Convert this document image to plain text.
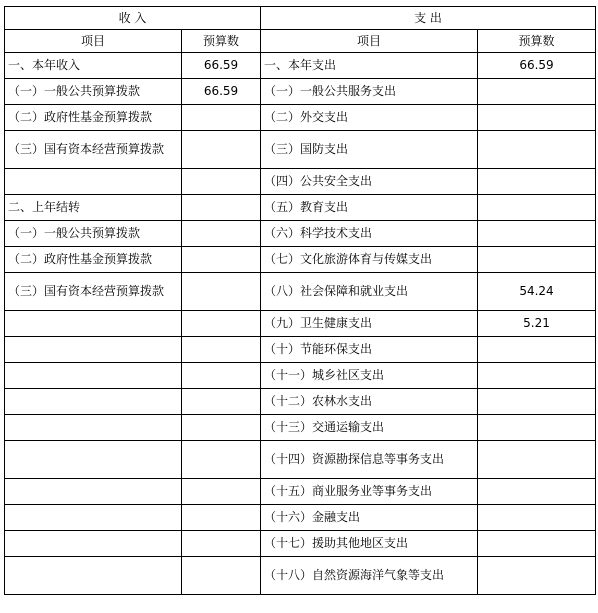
收 入		支 出	
项目	预算数	项目	预算数
一、本年收入	66.59	一、本年支出	66.59
（一）一般公共预算拨款	66.59	（一）一般公共服务支出	
（二）政府性基金预算拨款		（二）外交支出	
（三）国有资本经营预算拨款		（三）国防支出	
		（四）公共安全支出	
二、上年结转		（五）教育支出	
（一）一般公共预算拨款		（六）科学技术支出	
（二）政府性基金预算拨款		（七）文化旅游体育与传媒支出	
（三）国有资本经营预算拨款		（八）社会保障和就业支出	54.24
		（九）卫生健康支出	5.21
		（十）节能环保支出	
		（十一）城乡社区支出	
		（十二）农林水支出	
		（十三）交通运输支出	
		（十四）资源勘探信息等事务支出	
		（十五）商业服务业等事务支出	
		（十六）金融支出	
		（十七）援助其他地区支出	
		（十八）自然资源海洋气象等支出	
